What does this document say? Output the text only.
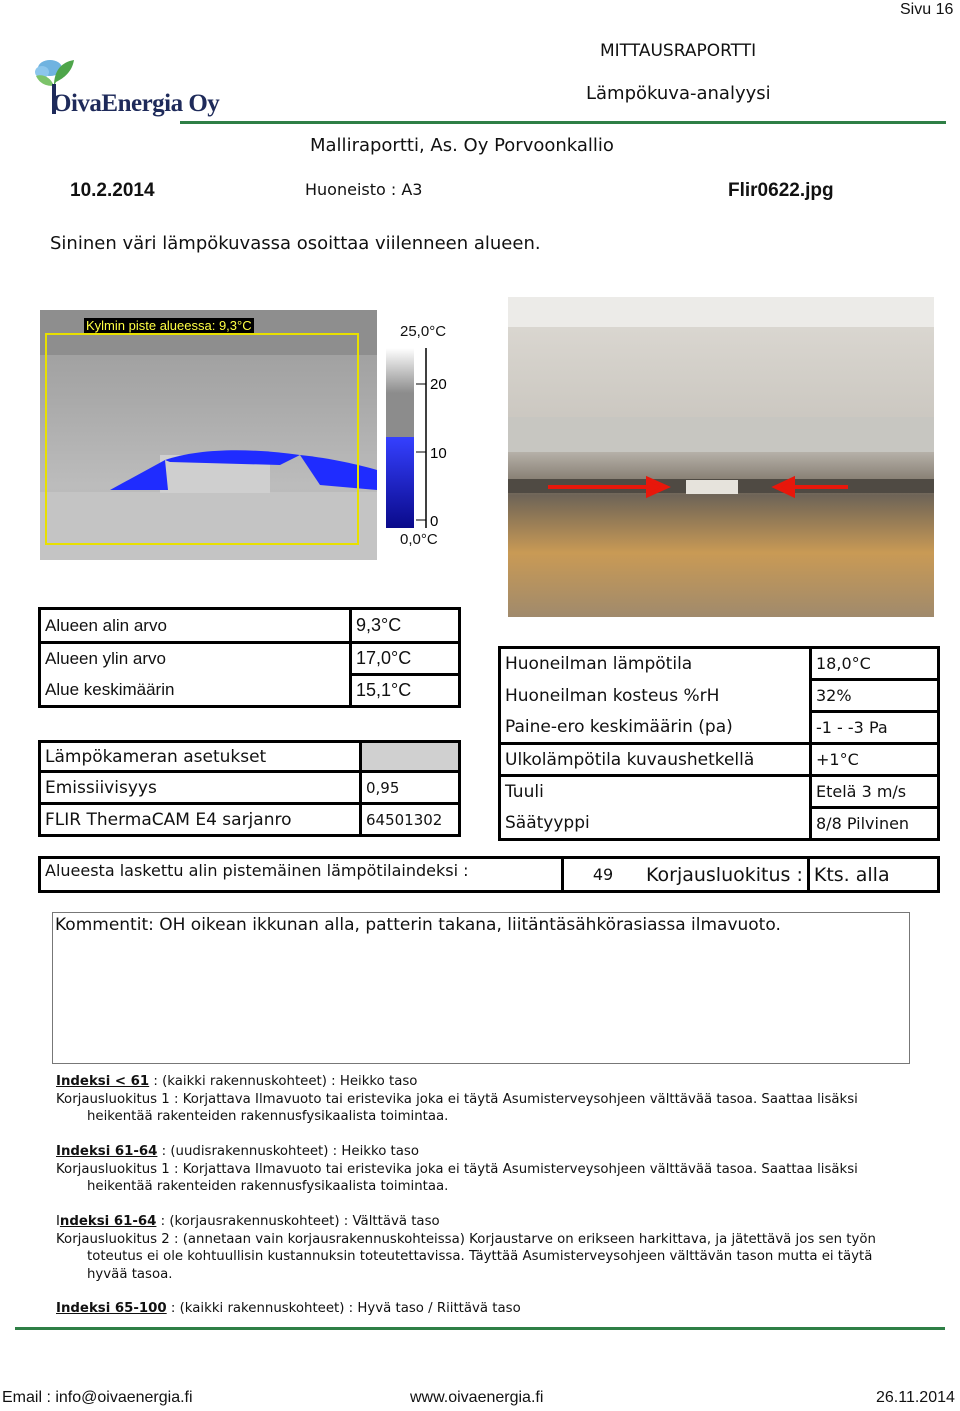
Sivu 16
OivaEnergia Oy
MITTAUSRAPORTTI
Lämpökuva-analyysi
Malliraportti, As. Oy Porvoonkallio
10.2.2014	Huoneisto : A3	Flir0622.jpg
Sininen väri lämpökuvassa osoittaa viilenneen alueen.
Kylmin piste alueessa: 9,3°C	25,0°C
20
10
0
0,0°C
Alueen alin arvo	9,3°C
Alueen ylin arvo	17,0°C
Alue keskimäärin	15,1°C
Lämpökameran asetukset	
Emissiivisyys	0,95
FLIR ThermaCAM E4 sarjanro	64501302
Huoneilman lämpötila	18,0°C
Huoneilman kosteus %rH	32%
Paine-ero keskimäärin (pa)	-1 - -3 Pa
Ulkolämpötila kuvaushetkellä	+1°C
Tuuli	Etelä 3 m/s
Säätyyppi	8/8 Pilvinen
Alueesta laskettu alin pistemäinen lämpötilaindeksi :	49	Korjausluokitus :	Kts. alla
Kommentit: OH oikean ikkunan alla, patterin takana, liitäntäsähkörasiassa ilmavuoto.
Indeksi < 61 : (kaikki rakennuskohteet) : Heikko taso
Korjausluokitus 1 : Korjattava Ilmavuoto tai eristevika joka ei täytä Asumisterveysohjeen välttävää tasoa. Saattaa lisäksi
heikentää rakenteiden rakennusfysikaalista toimintaa.
Indeksi 61-64 : (uudisrakennuskohteet) : Heikko taso
Korjausluokitus 1 : Korjattava Ilmavuoto tai eristevika joka ei täytä Asumisterveysohjeen välttävää tasoa. Saattaa lisäksi
heikentää rakenteiden rakennusfysikaalista toimintaa.
Indeksi 61-64 : (korjausrakennuskohteet) : Välttävä taso
Korjausluokitus 2 : (annetaan vain korjausrakennuskohteissa) Korjaustarve on erikseen harkittava, ja jätettävä jos sen työn
toteutus ei ole kohtuullisin kustannuksin toteutettavissa. Täyttää Asumisterveysohjeen välttävän tason mutta ei täytä
hyvää tasoa.
Indeksi 65-100 : (kaikki rakennuskohteet) : Hyvä taso / Riittävä taso
Email : info@oivaenergia.fi	www.oivaenergia.fi	26.11.2014
